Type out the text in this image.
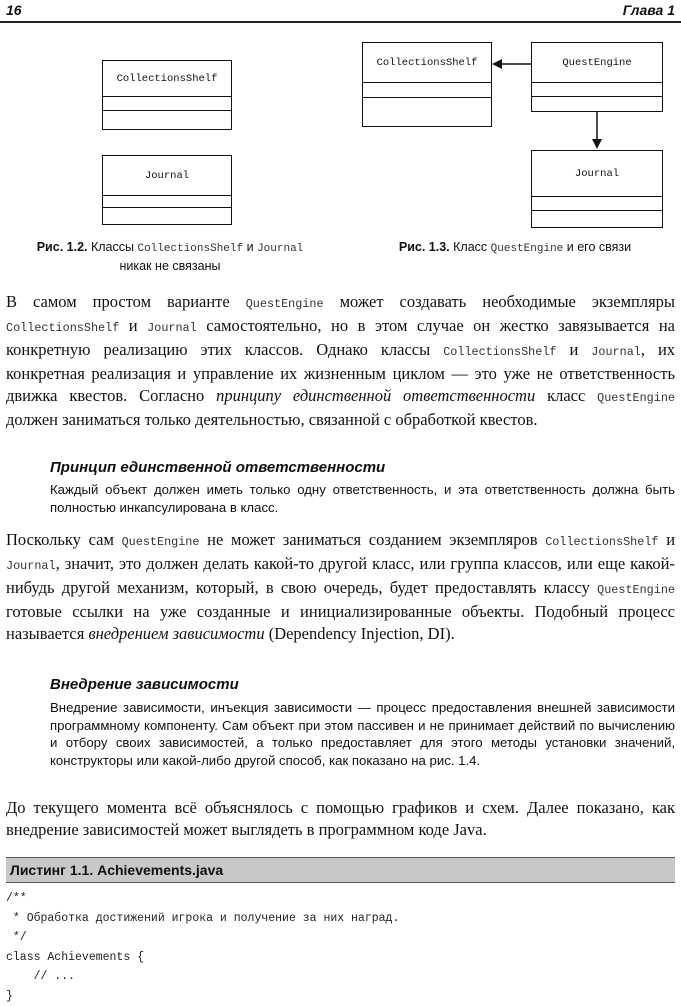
16	Глава 1
CollectionsShelf
Journal
CollectionsShelf	QuestEngine
Journal
Рис. 1.2. Классы CollectionsShelf и Journal
никак не связаны
Рис. 1.3. Класс QuestEngine и его связи
В самом простом варианте QuestEngine может создавать необходимые экземпляры CollectionsShelf и Journal самостоятельно, но в этом случае он жестко завязывается на конкретную реализацию этих классов. Однако классы CollectionsShelf и Journal, их конкретная реализация и управление их жизненным циклом — это уже не ответственность движка квестов. Согласно принципу единственной ответственности класс QuestEngine должен заниматься только деятельностью, связанной с обработкой квестов.
Принцип единственной ответственности
Каждый объект должен иметь только одну ответственность, и эта ответственность должна быть полностью инкапсулирована в класс.
Поскольку сам QuestEngine не может заниматься созданием экземпляров CollectionsShelf и Journal, значит, это должен делать какой-то другой класс, или группа классов, или еще какой-нибудь другой механизм, который, в свою очередь, будет предоставлять классу QuestEngine готовые ссылки на уже созданные и инициализированные объекты. Подобный процесс называется внедрением зависимости (Dependency Injection, DI).
Внедрение зависимости
Внедрение зависимости, инъекция зависимости — процесс предоставления внешней зависимости программному компоненту. Сам объект при этом пассивен и не принимает действий по вычислению и отбору своих зависимостей, а только предоставляет для этого методы установки значений, конструкторы или какой-либо другой способ, как показано на рис. 1.4.
До текущего момента всё объяснялось с помощью графиков и схем. Далее показано, как внедрение зависимостей может выглядеть в программном коде Java.
Листинг 1.1. Achievements.java
/**
* Обработка достижений игрока и получение за них наград.
*/
class Achievements {
// ...
}
